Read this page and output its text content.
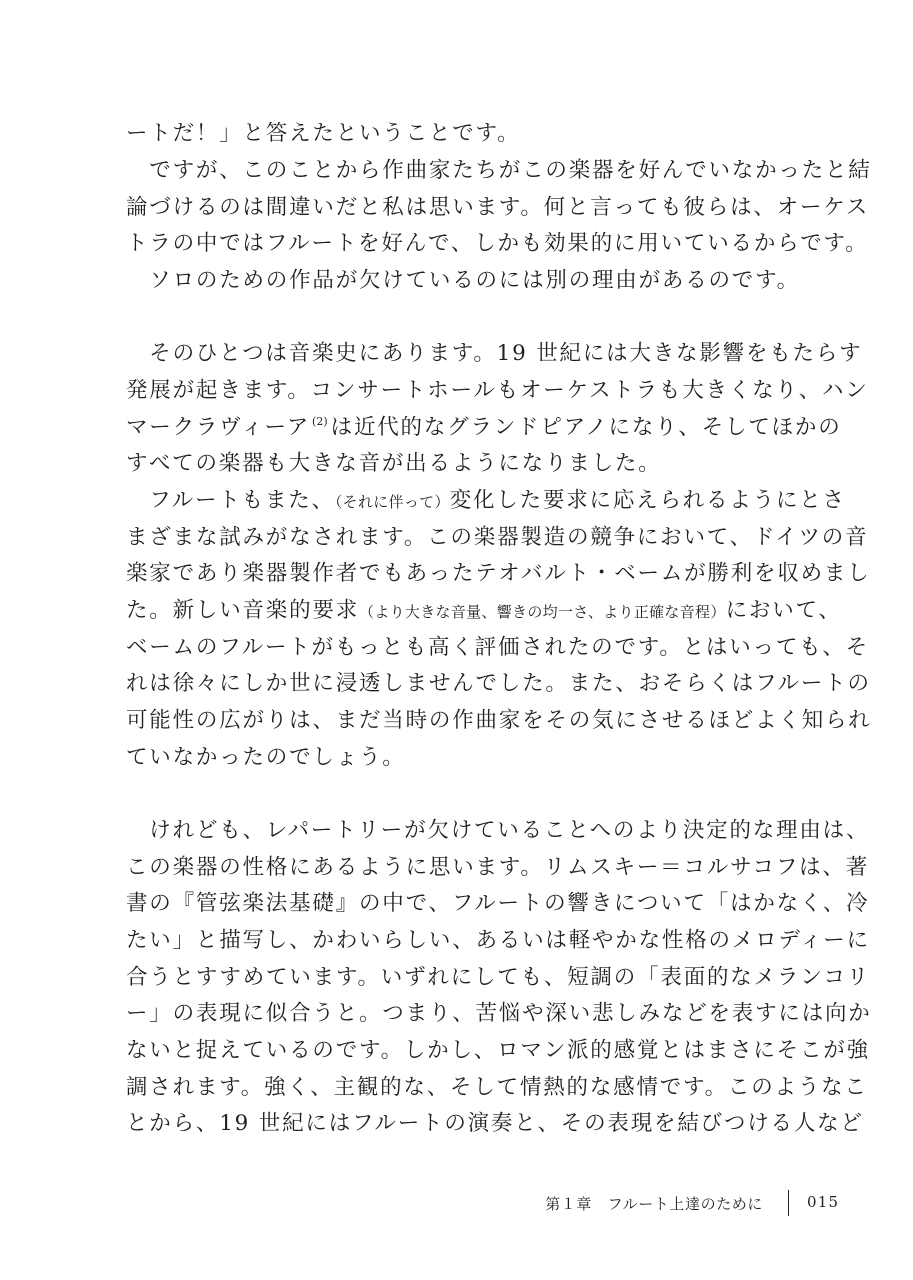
ートだ！」と答えたということです。
　ですが、このことから作曲家たちがこの楽器を好んでいなかったと結
論づけるのは間違いだと私は思います。何と言っても彼らは、オーケス
トラの中ではフルートを好んで、しかも効果的に用いているからです。
　ソロのための作品が欠けているのには別の理由があるのです。
　そのひとつは音楽史にあります。19 世紀には大きな影響をもたらす
発展が起きます。コンサートホールもオーケストラも大きくなり、ハン
マークラヴィーア $^{(2)}$ は近代的なグランドピアノになり、そしてほかの
すべての楽器も大きな音が出るようになりました。
　フルートもまた、（それに伴って）変化した要求に応えられるようにとさ
まざまな試みがなされます。この楽器製造の競争において、ドイツの音
楽家であり楽器製作者でもあったテオバルト・ベームが勝利を収めまし
た。新しい音楽的要求（より大きな音量、響きの均一さ、より正確な音程）において、
ベームのフルートがもっとも高く評価されたのです。とはいっても、そ
れは徐々にしか世に浸透しませんでした。また、おそらくはフルートの
可能性の広がりは、まだ当時の作曲家をその気にさせるほどよく知られ
ていなかったのでしょう。
　けれども、レパートリーが欠けていることへのより決定的な理由は、
この楽器の性格にあるように思います。リムスキー＝コルサコフは、著
書の『管弦楽法基礎』の中で、フルートの響きについて「はかなく、冷
たい」と描写し、かわいらしい、あるいは軽やかな性格のメロディーに
合うとすすめています。いずれにしても、短調の「表面的なメランコリ
ー」の表現に似合うと。つまり、苦悩や深い悲しみなどを表すには向か
ないと捉えているのです。しかし、ロマン派的感覚とはまさにそこが強
調されます。強く、主観的な、そして情熱的な感情です。このようなこ
とから、19 世紀にはフルートの演奏と、その表現を結びつける人など
第１章　フルート上達のために	015
